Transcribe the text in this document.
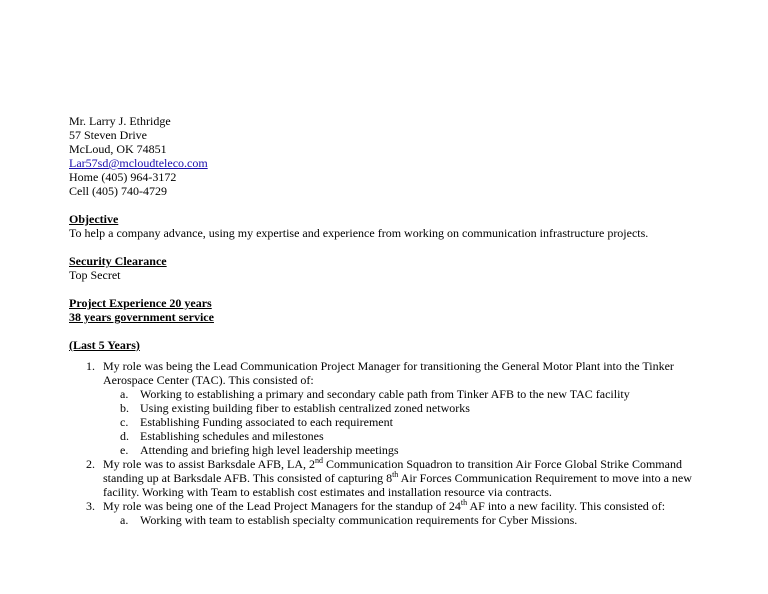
Mr. Larry J. Ethridge
57 Steven Drive
McLoud, OK 74851
Lar57sd@mcloudteleco.com
Home (405) 964-3172
Cell (405) 740-4729
Objective
To help a company advance, using my expertise and experience from working on communication infrastructure projects.
Security Clearance
Top Secret
Project Experience 20 years
38 years government service
(Last 5 Years)
1. My role was being the Lead Communication Project Manager for transitioning the General Motor Plant into the Tinker
Aerospace Center (TAC). This consisted of:
a. Working to establishing a primary and secondary cable path from Tinker AFB to the new TAC facility
b. Using existing building fiber to establish centralized zoned networks
c. Establishing Funding associated to each requirement
d. Establishing schedules and milestones
e. Attending and briefing high level leadership meetings
2. My role was to assist Barksdale AFB, LA, 2nd Communication Squadron to transition Air Force Global Strike Command
standing up at Barksdale AFB. This consisted of capturing 8th Air Forces Communication Requirement to move into a new
facility. Working with Team to establish cost estimates and installation resource via contracts.
3. My role was being one of the Lead Project Managers for the standup of 24th AF into a new facility. This consisted of:
a. Working with team to establish specialty communication requirements for Cyber Missions.
